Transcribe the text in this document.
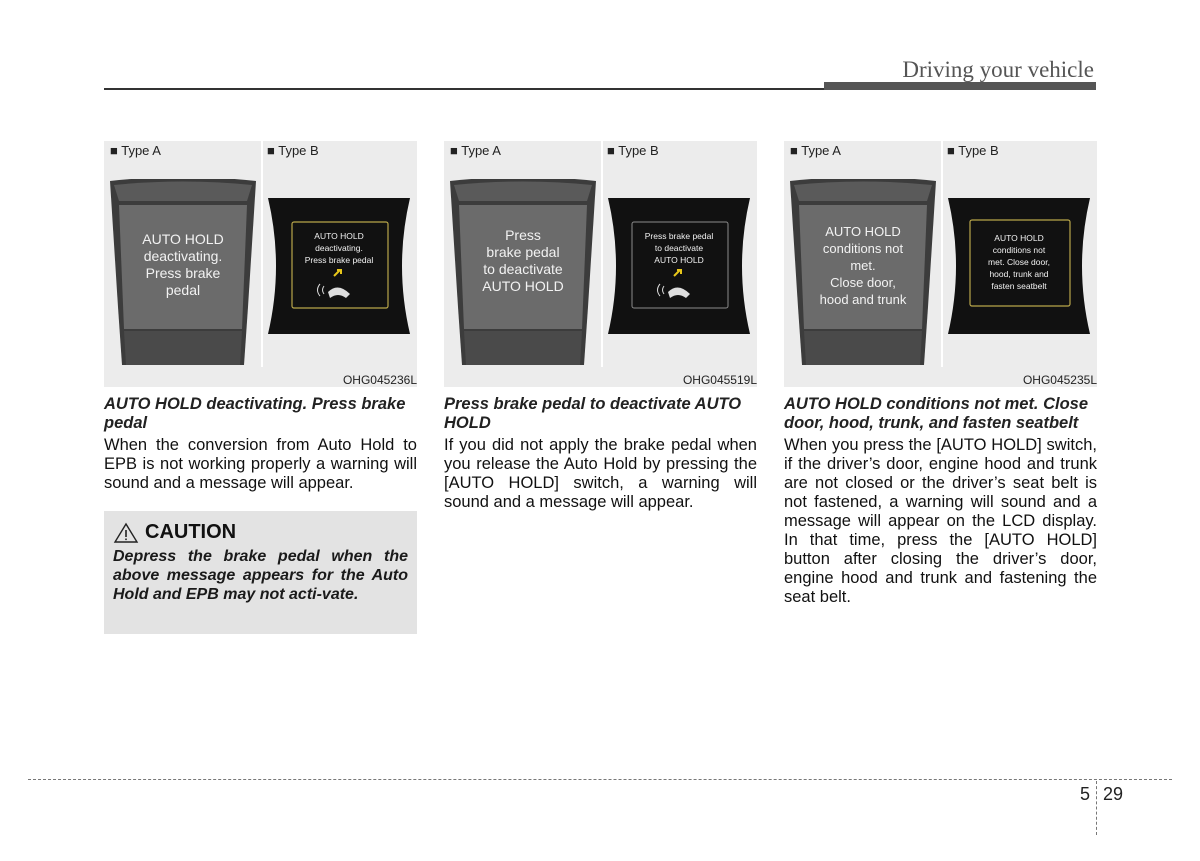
Driving your vehicle
■ Type A	■ Type B
AUTO HOLD
deactivating.
Press brake
pedal
AUTO HOLD
deactivating.
Press brake pedal
OHG045236L
AUTO HOLD deactivating. Press brake pedal
When the conversion from Auto Hold to EPB is not working properly a warning will sound and a message will appear.
■ Type A	■ Type B
Press
brake pedal
to deactivate
AUTO HOLD
Press brake pedal
to deactivate
AUTO HOLD
OHG045519L
Press brake pedal to deactivate AUTO HOLD
If you did not apply the brake pedal when you release the Auto Hold by pressing the [AUTO HOLD] switch, a warning will sound and a message will appear.
■ Type A	■ Type B
AUTO HOLD
conditions not
met.
Close door,
hood and trunk
AUTO HOLD
conditions not
met. Close door,
hood, trunk and
fasten seatbelt
OHG045235L
AUTO HOLD conditions not met. Close door, hood, trunk, and fasten seatbelt
When you press the [AUTO HOLD] switch, if the driver’s door, engine hood and trunk are not closed or the driver’s seat belt is not fastened, a warning will sound and a message will appear on the LCD display. In that time, press the [AUTO HOLD] button after closing the driver’s door, engine hood and trunk and fastening the seat belt.
CAUTION
Depress the brake pedal when the above message appears for the Auto Hold and EPB may not acti-vate.
5 29
